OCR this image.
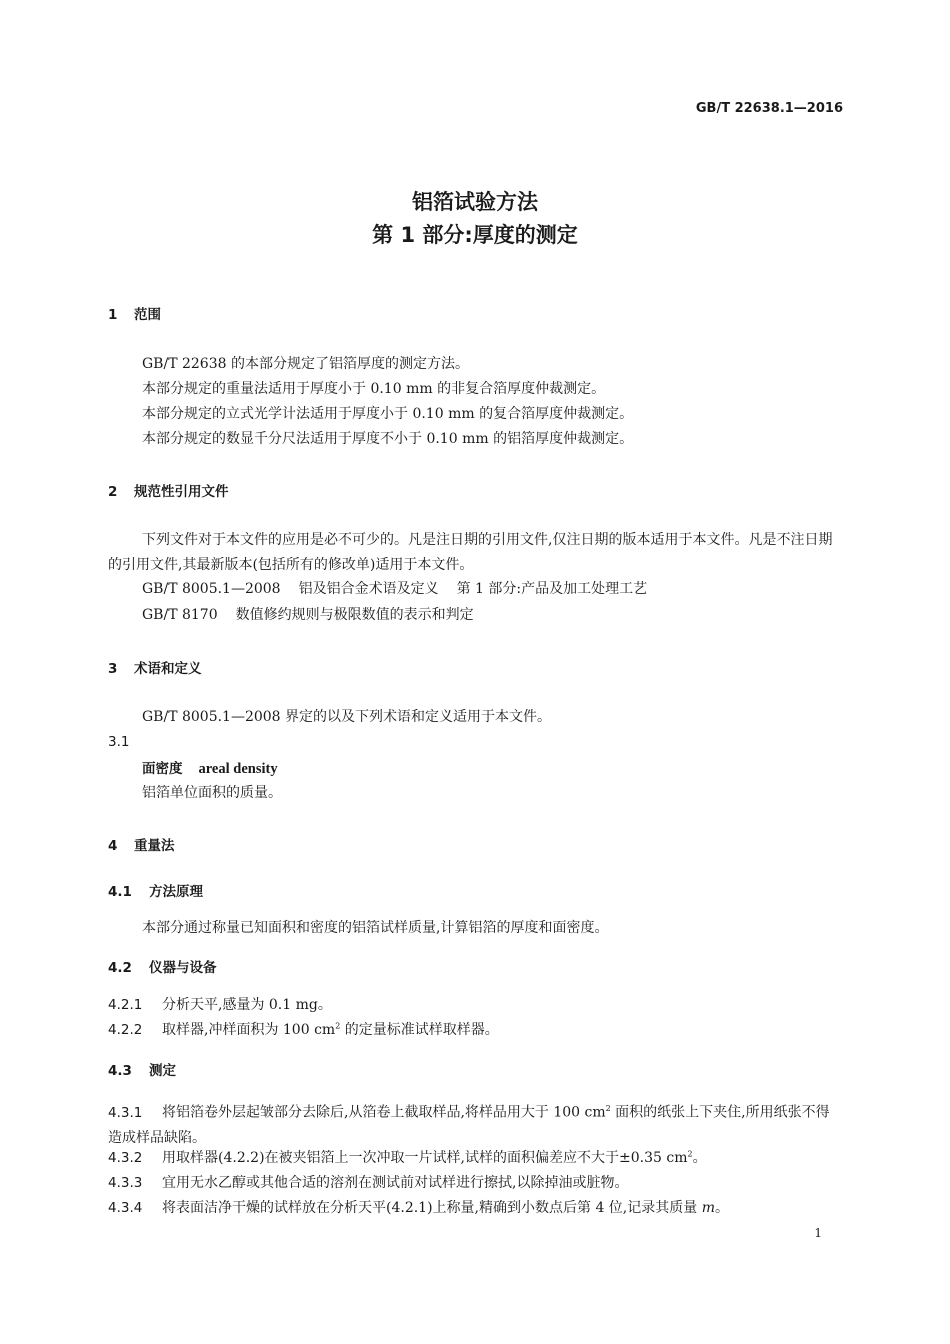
GB/T 22638.1—2016
铝箔试验方法
第 1 部分:厚度的测定
1 范围
GB/T 22638 的本部分规定了铝箔厚度的测定方法。
本部分规定的重量法适用于厚度小于 0.10 mm 的非复合箔厚度仲裁测定。
本部分规定的立式光学计法适用于厚度小于 0.10 mm 的复合箔厚度仲裁测定。
本部分规定的数显千分尺法适用于厚度不小于 0.10 mm 的铝箔厚度仲裁测定。
2 规范性引用文件
下列文件对于本文件的应用是必不可少的。凡是注日期的引用文件,仅注日期的版本适用于本文件。凡是不注日期的引用文件,其最新版本(包括所有的修改单)适用于本文件。
GB/T 8005.1—2008 铝及铝合金术语及定义 第 1 部分:产品及加工处理工艺
GB/T 8170 数值修约规则与极限数值的表示和判定
3 术语和定义
GB/T 8005.1—2008 界定的以及下列术语和定义适用于本文件。
3.1
面密度 areal density
铝箔单位面积的质量。
4 重量法
4.1 方法原理
本部分通过称量已知面积和密度的铝箔试样质量,计算铝箔的厚度和面密度。
4.2 仪器与设备
4.2.1 分析天平,感量为 0.1 mg。
4.2.2 取样器,冲样面积为 100 $cm^2$ 的定量标准试样取样器。
4.3 测定
4.3.1 将铝箔卷外层起皱部分去除后,从箔卷上截取样品,将样品用大于 100 $cm^2$ 面积的纸张上下夹住,所用纸张不得造成样品缺陷。
4.3.2 用取样器(4.2.2)在被夹铝箔上一次冲取一片试样,试样的面积偏差应不大于±0.35 $cm^2$。
4.3.3 宜用无水乙醇或其他合适的溶剂在测试前对试样进行擦拭,以除掉油或脏物。
4.3.4 将表面洁净干燥的试样放在分析天平(4.2.1)上称量,精确到小数点后第 4 位,记录其质量 m。
1
